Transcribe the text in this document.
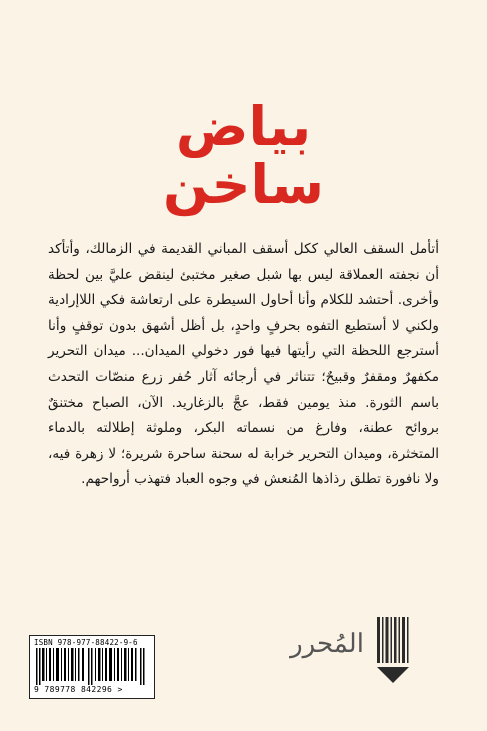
بياض
ساخن

أتأمل السقف العالي ككل أسقف المباني القديمة في الزمالك، وأتأكد أن نجفته العملاقة ليس بها شبل صغير مختبئ لينقض عليَّ بين لحظة وأخرى. أحتشد للكلام وأنا أحاول السيطرة على ارتعاشة فكي اللاإرادية ولكني لا أستطيع التفوه بحرفٍ واحدٍ، بل أظل أشهق بدون توقفٍ وأنا أسترجع اللحظة التي رأيتها فيها فور دخولي الميدان... ميدان التحرير مكفهرٌ ومقفرٌ وقبيحٌ؛ تتناثر في أرجائه آثار حُفر زرع منصّات التحدث باسم الثورة. منذ يومين فقط، عجَّ بالزغاريد. الآن، الصباح مختنقٌ بروائح عطنة، وفارغ من نسماته البكر، وملوثة إطلالته بالدماء المتخثرة، وميدان التحرير خرابة له سحنة ساحرة شريرة؛ لا زهرة فيه، ولا نافورة تطلق رذاذها المُنعش في وجوه العباد فتهذب أرواحهم.

ISBN 978-977-88422-9-6
9 789778 842296 >
المُحرر
